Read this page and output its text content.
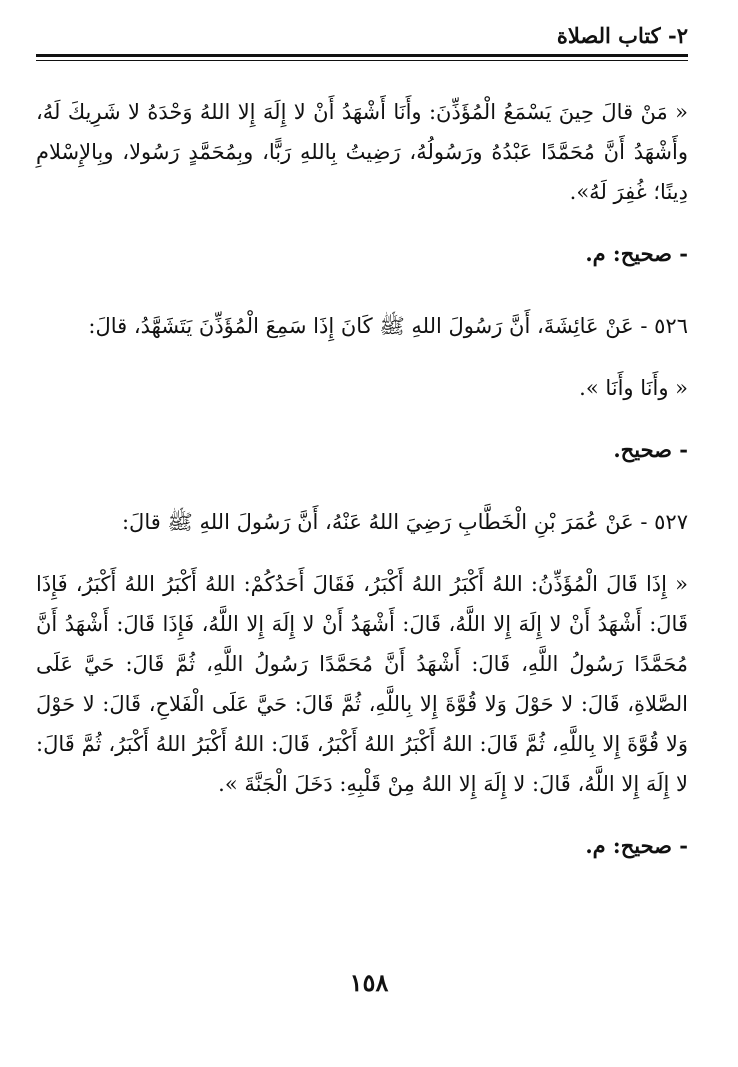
٢- كتاب الصلاة

« مَنْ قالَ حِينَ يَسْمَعُ الْمُؤَذِّنَ: وأَنَا أَشْهَدُ أَنْ لا إِلَهَ إِلا اللهُ وَحْدَهُ لا شَرِيكَ لَهُ، وأَشْهَدُ أَنَّ مُحَمَّدًا عَبْدُهُ ورَسُولُهُ، رَضِيتُ بِاللهِ رَبًّا، وبِمُحَمَّدٍ رَسُولا، وبِالإِسْلامِ دِينًا؛ غُفِرَ لَهُ».

- صحيح: م.

٥٢٦ - عَنْ عَائِشَةَ، أَنَّ رَسُولَ اللهِ ﷺ كَانَ إِذَا سَمِعَ الْمُؤَذِّنَ يَتَشَهَّدُ، قالَ:

« وأَنَا وأَنَا ».

- صحيح.

٥٢٧ - عَنْ عُمَرَ بْنِ الْخَطَّابِ رَضِيَ اللهُ عَنْهُ، أَنَّ رَسُولَ اللهِ ﷺ قالَ:

« إِذَا قَالَ الْمُؤَذِّنُ: اللهُ أَكْبَرُ اللهُ أَكْبَرُ، فَقَالَ أَحَدُكُمْ: اللهُ أَكْبَرُ اللهُ أَكْبَرُ، فَإِذَا قَالَ: أَشْهَدُ أَنْ لا إِلَهَ إِلا اللَّهُ، قَالَ: أَشْهَدُ أَنْ لا إِلَهَ إِلا اللَّهُ، فَإِذَا قَالَ: أَشْهَدُ أَنَّ مُحَمَّدًا رَسُولُ اللَّهِ، قَالَ: أَشْهَدُ أَنَّ مُحَمَّدًا رَسُولُ اللَّهِ، ثُمَّ قَالَ: حَيَّ عَلَى الصَّلاةِ، قَالَ: لا حَوْلَ وَلا قُوَّةَ إِلا بِاللَّهِ، ثُمَّ قَالَ: حَيَّ عَلَى الْفَلاحِ، قَالَ: لا حَوْلَ وَلا قُوَّةَ إِلا بِاللَّهِ، ثُمَّ قَالَ: اللهُ أَكْبَرُ اللهُ أَكْبَرُ، قَالَ: اللهُ أَكْبَرُ اللهُ أَكْبَرُ، ثُمَّ قَالَ: لا إِلَهَ إِلا اللَّهُ، قَالَ: لا إِلَهَ إِلا اللهُ مِنْ قَلْبِهِ: دَخَلَ الْجَنَّةَ ».

- صحيح: م.

١٥٨
